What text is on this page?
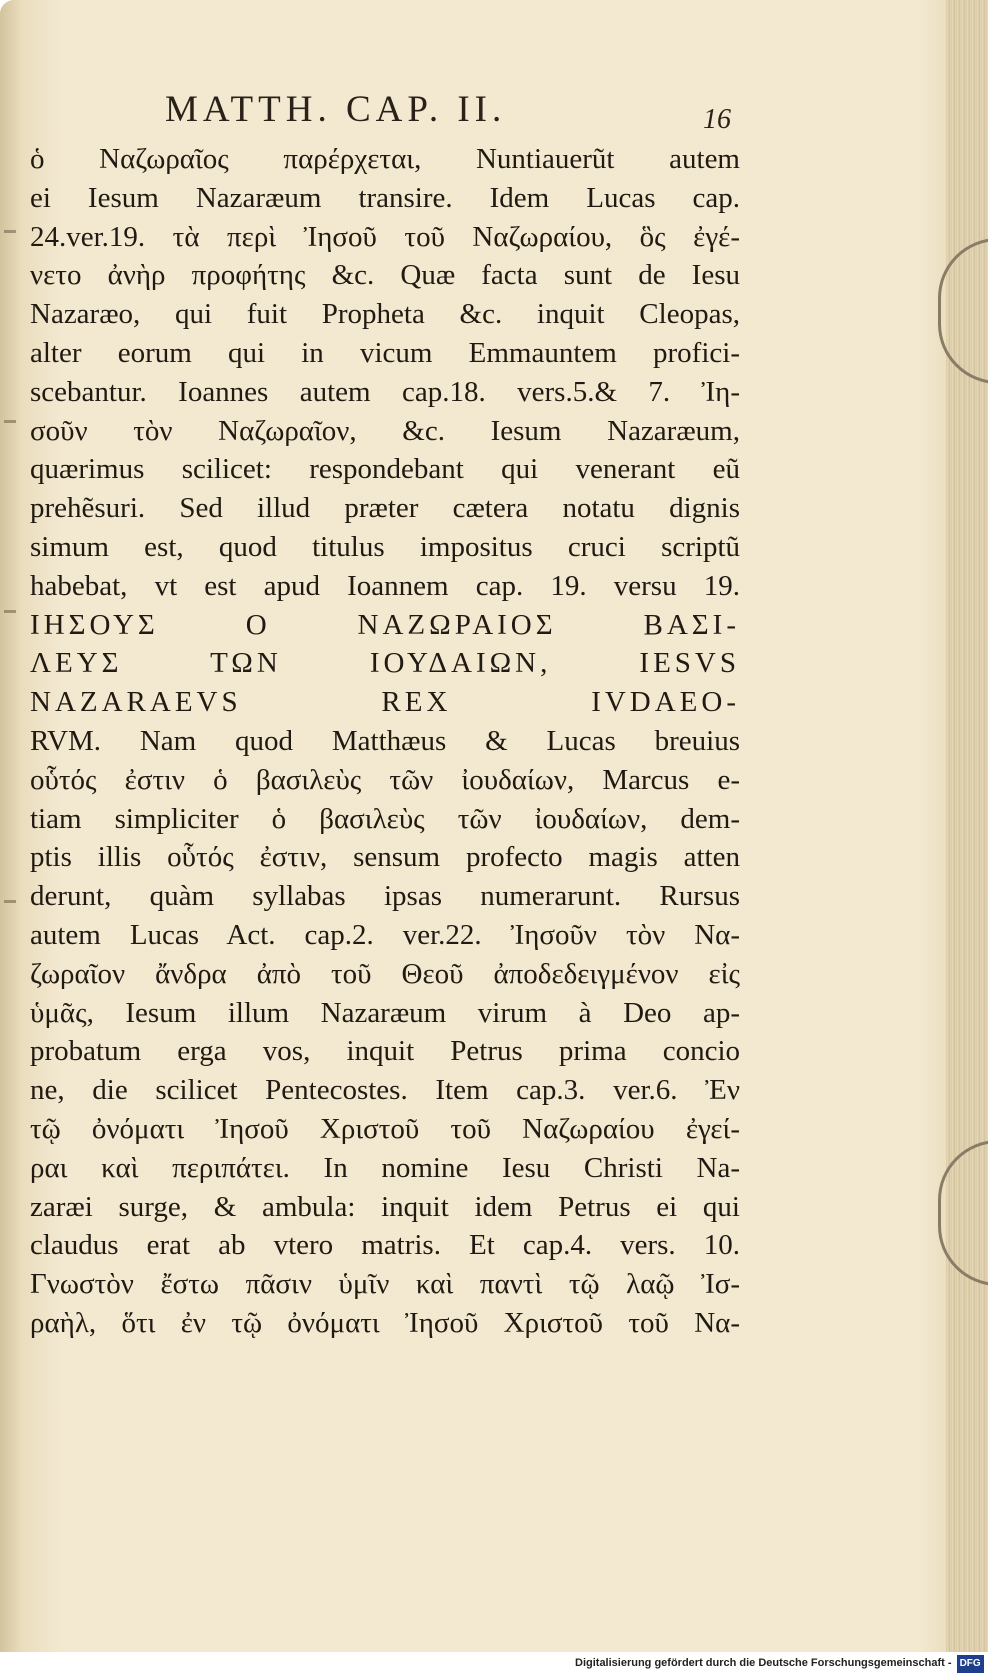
MATTH. CAP. II.	16
ὁ Ναζωραῖος παρέρχεται, Nuntiauerũt autem
ei Iesum Nazaræum transire. Idem Lucas cap.
24.ver.19. τὰ περὶ Ἰησοῦ τοῦ Ναζωραίου, ὃς ἐγέ-
νετο ἀνὴρ προφήτης &c. Quæ facta sunt de Iesu
Nazaræo, qui fuit Propheta &c. inquit Cleopas,
alter eorum qui in vicum Emmauntem profici-
scebantur. Ioannes autem cap.18. vers.5.& 7. Ἰη-
σοῦν τὸν Ναζωραῖον, &c. Iesum Nazaræum,
quærimus scilicet: respondebant qui venerant eũ
prehẽsuri. Sed illud præter cætera notatu dignis
simum est, quod titulus impositus cruci scriptũ
habebat, vt est apud Ioannem cap. 19. versu 19.
ΙΗΣΟΥΣ Ο ΝΑΖΩΡΑΙΟΣ ΒΑΣΙ-
ΛΕΥΣ ΤΩΝ ΙΟΥΔΑΙΩΝ, IESVS
NAZARAEVS REX IVDAEO-
RVM. Nam quod Matthæus & Lucas breuius
οὗτός ἐστιν ὁ βασιλεὺς τῶν ἰουδαίων, Marcus e-
tiam simpliciter ὁ βασιλεὺς τῶν ἰουδαίων, dem-
ptis illis οὗτός ἐστιν, sensum profecto magis atten
derunt, quàm syllabas ipsas numerarunt. Rursus
autem Lucas Act. cap.2. ver.22. Ἰησοῦν τὸν Να-
ζωραῖον ἄνδρα ἀπὸ τοῦ Θεοῦ ἀποδεδειγμένον εἰς
ὑμᾶς, Iesum illum Nazaræum virum à Deo ap-
probatum erga vos, inquit Petrus prima concio
ne, die scilicet Pentecostes. Item cap.3. ver.6. Ἐν
τῷ ὀνόματι Ἰησοῦ Χριστοῦ τοῦ Ναζωραίου ἐγεί-
ραι καὶ περιπάτει. In nomine Iesu Christi Na-
zaræi surge, & ambula: inquit idem Petrus ei qui
claudus erat ab vtero matris. Et cap.4. vers. 10.
Γνωστὸν ἔστω πᾶσιν ὑμῖν καὶ παντὶ τῷ λαῷ Ἰσ-
ραὴλ, ὅτι ἐν τῷ ὀνόματι Ἰησοῦ Χριστοῦ τοῦ Να-
Digitalisierung gefördert durch die Deutsche Forschungsgemeinschaft - DFG
